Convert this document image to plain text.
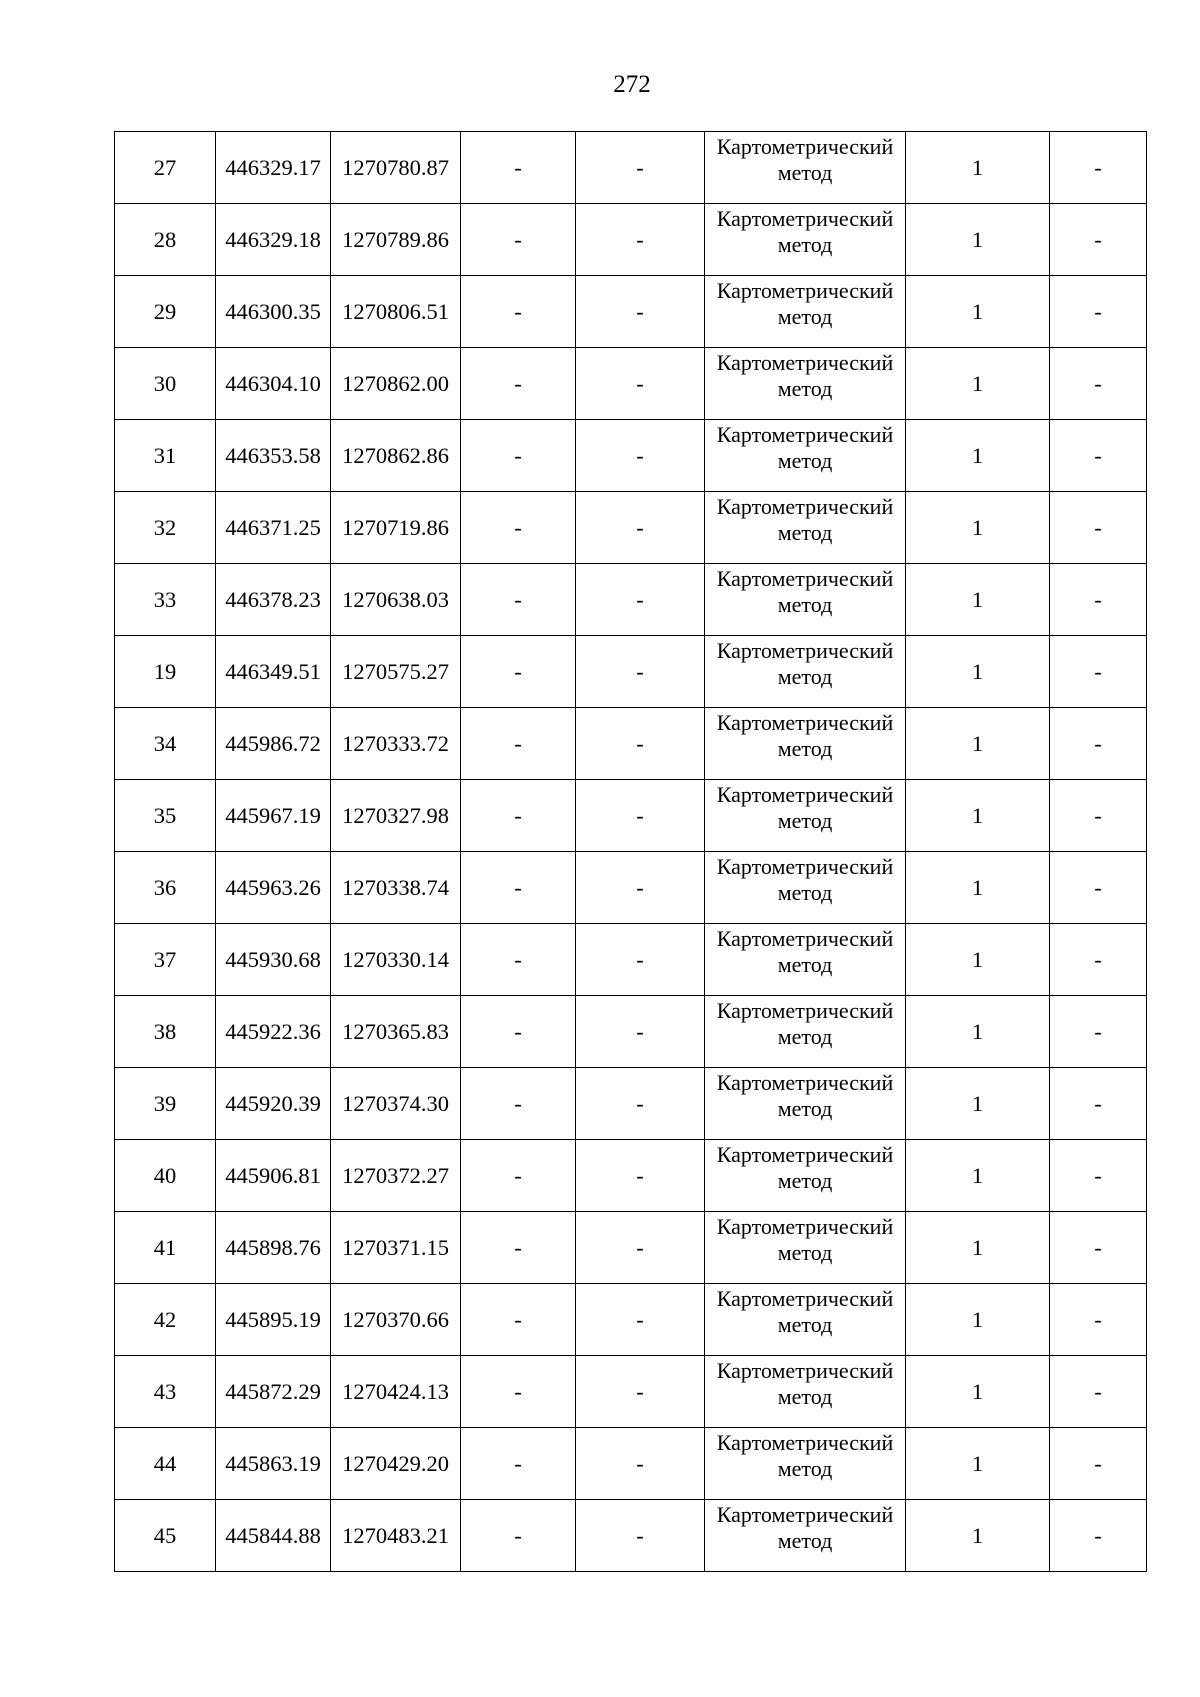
272
27	446329.17	1270780.87	-	-	Картометрический метод	1	-
28	446329.18	1270789.86	-	-	Картометрический метод	1	-
29	446300.35	1270806.51	-	-	Картометрический метод	1	-
30	446304.10	1270862.00	-	-	Картометрический метод	1	-
31	446353.58	1270862.86	-	-	Картометрический метод	1	-
32	446371.25	1270719.86	-	-	Картометрический метод	1	-
33	446378.23	1270638.03	-	-	Картометрический метод	1	-
19	446349.51	1270575.27	-	-	Картометрический метод	1	-
34	445986.72	1270333.72	-	-	Картометрический метод	1	-
35	445967.19	1270327.98	-	-	Картометрический метод	1	-
36	445963.26	1270338.74	-	-	Картометрический метод	1	-
37	445930.68	1270330.14	-	-	Картометрический метод	1	-
38	445922.36	1270365.83	-	-	Картометрический метод	1	-
39	445920.39	1270374.30	-	-	Картометрический метод	1	-
40	445906.81	1270372.27	-	-	Картометрический метод	1	-
41	445898.76	1270371.15	-	-	Картометрический метод	1	-
42	445895.19	1270370.66	-	-	Картометрический метод	1	-
43	445872.29	1270424.13	-	-	Картометрический метод	1	-
44	445863.19	1270429.20	-	-	Картометрический метод	1	-
45	445844.88	1270483.21	-	-	Картометрический метод	1	-
